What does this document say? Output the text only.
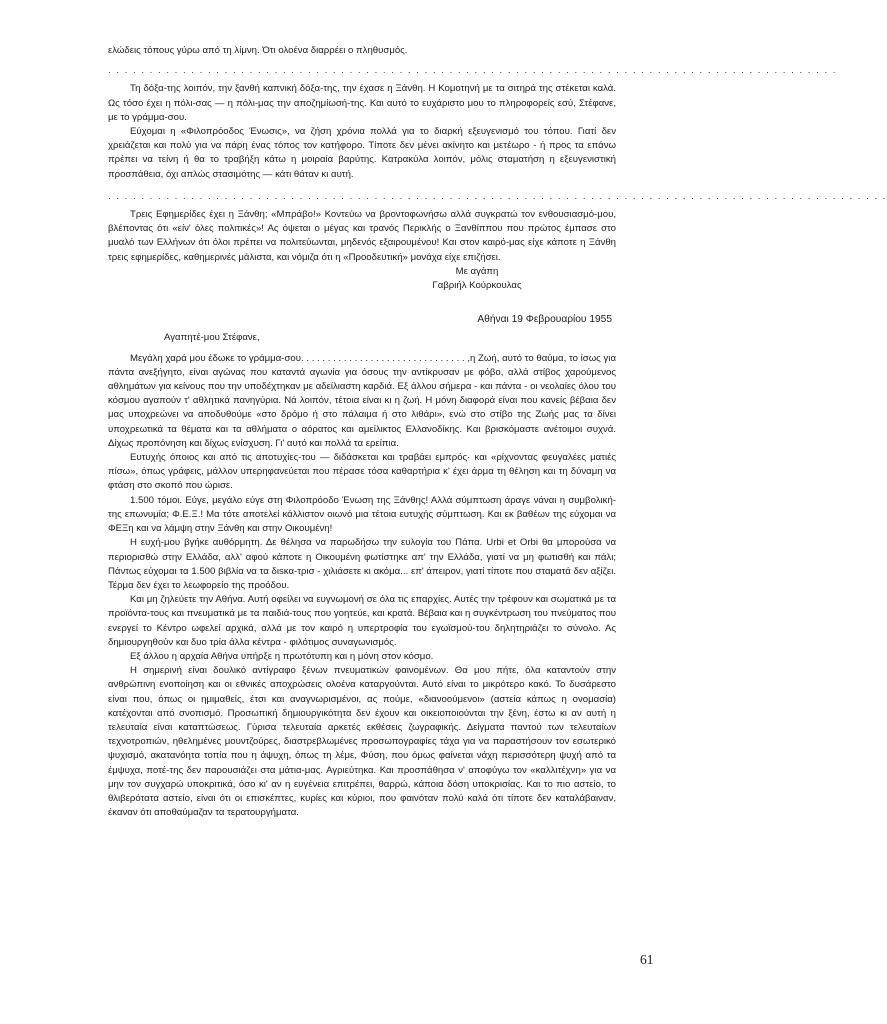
ελώδεις τόπους γύρω από τη λίμνη. Ότι ολοένα διαρρέει ο πληθυσμός.

. . . . . . . . . . . . . . . . . . . . . . . . . . . . . . . . . . . . . . . . . . . . . . . . . . . . . . . . . . . . . . . . . . . . . . . . . . . . . . . . . . . . . . . .

Τη δόξα-της λοιπόν, την ξανθή καπνική δόξα-της, την έχασε η Ξάνθη. Η Κομοτηνή με τα σιτηρά της στέκεται καλά. Ως τόσο έχει η πόλι-σας — η πόλι-μας την αποζημίωσή-της. Και αυτό το ευχάριστο μου το πληροφορείς εσύ, Στέφανε, με το γράμμα-σου.

Εύχομαι η «Φιλοπρόοδος Ένωσις», να ζήση χρόνια πολλά για το διαρκή εξευγενισμό του τόπου. Γιατί δεν χρειάζεται και πολύ για να πάρη ένας τόπος τον κατήφορο. Τίποτε δεν μένει ακίνητο και μετέωρο - ή προς τα επάνω πρέπει να τείνη ή θα το τραβήξη κάτω η μοιραία βαρύτης. Κατρακύλα λοιπόν, μόλις σταματήση η εξευγενιστική προσπάθεια, όχι απλώς στασιμότης — κάτι θάταν κι αυτή.

. . . . . . . . . . . . . . . . . . . . . . . . . . . . . . . . . . . . . . . . . . . . . . . . . . . . . . . . . . . . . . . . . . . . . . . . . . . . . . . . . . . . . . . . . . . . . .

Τρεις Εφημερίδες έχει η Ξάνθη; «Μπράβο!» Κοντεύω να βροντοφωνήσω αλλά συγκρατώ τον ενθουσιασμό-μου, βλέποντας ότι «είν' όλες πολιτικές»! Ας όψεται ο μέγας και τρανός Περικλής ο Ξανθίππου που πρώτος έμπασε στο μυαλό των Ελλήνων ότι όλοι πρέπει να πολιτεύωνται, μηδενός εξαιρουμένου! Και στον καιρό-μας είχε κάποτε η Ξάνθη τρεις εφημερίδες, καθημερινές μάλιστα, και νόμιζα ότι η «Προοδευτική» μονάχα είχε επιζήσει.

Με αγάπη

Γαβριήλ Κούρκουλας

Αθήναι 19 Φεβρουαρίου 1955

Αγαπητέ-μου Στέφανε,

Μεγάλη χαρά μου έδωκε το γράμμα-σου. . . . . . . . . . . . . . . . . . . . . . . . . . . . . . . ,η Ζωή, αυτό το θαύμα, το ίσως για πάντα ανεξήγητο, είναι αγώνας που καταντά αγωνία για όσους την αντίκρυσαν με φόβο, αλλά στίβος χαρούμενος αθλημάτων για κείνους που την υποδέχτηκαν με αδείλιαστη καρδιά. Εξ άλλου σήμερα - και πάντα - οι νεολαίες όλου του κόσμου αγαπούν τ' αθλητικά πανηγύρια. Νά λοιπόν, τέτοια είναι κι η ζωή. Η μόνη διαφορά είναι που κανείς βέβαια δεν μας υποχρεώνει να αποδυθούμε «στο δρόμο ή στο πάλαιμα ή στο λιθάρι», ενώ στο στίβο της Ζωής μας τα δίνει υποχρεωτικά τα θέματα και τα αθλήματα ο αόρατος και αμείλικτος Ελλανοδίκης. Και βρισκόμαστε ανέτοιμοι συχνά. Δίχως προπόνηση και δίχως ενίσχυση. Γι' αυτό και πολλά τα ερείπια.

Ευτυχής όποιος και από τις αποτυχίες-του — διδάσκεται και τραβάει εμπρός· και «ρίχνοντας φευγαλέες ματιές πίσω», όπως γράφεις, μάλλον υπερηφανεύεται που πέρασε τόσα καθαρτήρια κ' έχει άρμα τη θέληση και τη δύναμη να φτάση στο σκοπό που ώρισε.

1.500 τόμοι. Εύγε, μεγάλο εύγε στη Φιλοπρόοδο Ένωση της Ξάνθης! Αλλά σύμπτωση άραγε νάναι η συμβολική-της επωνυμία; Φ.Ε.Ξ.! Μα τότε αποτελεί κάλλιστον οιωνό μια τέτοια ευτυχής σύμπτωση. Και εκ βαθέων της εύχομαι να ΦΕΞη και να λάμψη στην Ξάνθη και στην Οικουμένη!

Η ευχή-μου βγήκε αυθόρμητη. Δε θέλησα να παρωδήσω την ευλογία του Πάπα. Urbi et Orbi θα μπορούσα να περιορισθώ στην Ελλάδα, αλλ' αφού κάποτε η Οικουμένη φωτίστηκε απ' την Ελλάδα, γιατί να μη φωτισθή και πάλι; Πάντως εύχομαι τα 1.500 βιβλία να τα διsκα-τρισ - χιλιάσετε κι ακόμα... επ' άπειρον, γιατί τίποτε που σταματά δεν αξίζει. Τέρμα δεν έχει το λεωφορείο της προόδου.

Και μη ζηλεύετε την Αθήνα. Αυτή οφείλει να ευγνωμονή σε όλα τις επαρχίες. Αυτές την τρέφουν και σωματικά με τα προϊόντα-τους και πνευματικά με τα παιδιά-τους που γοητεύε, και κρατά. Βέβαια και η συγκέντρωση του πνεύματος που ενεργεί το Κέντρο ωφελεί αρχικά, αλλά με τον καιρό η υπερτροφία του εγωϊσμού-του δηλητηριάζει το σύνολο. Ας δημιουργηθούν και δυο τρία άλλα κέντρα - φιλότιμος συναγωνισμός.

Εξ άλλου η αρχαία Αθήνα υπήρξε η πρωτότυπη και η μόνη στον κόσμο.

Η σημερινή είναι δουλικό αντίγραφο ξένων πνευματικών φαινομένων. Θα μου πήτε, όλα καταντούν στην ανθρώπινη ενοποίηση και οι εθνικές αποχρώσεις ολοένα καταργούνται. Αυτό είναι το μικρότερο κακό. Το δυσάρεστο είναι που, όπως οι ημιμαθείς, έτσι και αναγνωρισμένοι, ας πούμε, «διανοούμενοι» (αστεία κάπως η ονομασία) κατέχονται από σνοπισμό. Προσωπική δημιουργικότητα δεν έχουν και οικειοποιούνται την ξένη, έστω κι αν αυτή η τελευταία είναι καταπτώσεως. Γύρισα τελευταία αρκετές εκθέσεις ζωγραφικής. Δείγματα παντού των τελευταίων τεχνοτροπιών, ηθελημένες μουντζούρες, διαστρεβλωμένες προσωπογραφίες τάχα για να παραστήσουν τον εσωτερικό ψυχισμό, ακατανόητα τοπία που η άψυχη, όπως τη λέμε, Φύση, που όμως φαίνεται νάχη περισσότερη ψυχή από τα έμψυχα, ποτέ-της δεν παρουσιάζει στα μάτια-μας. Αγριεύτηκα. Και προσπάθησα ν' αποφύγω τον «καλλιτέχνη» για να μην τον συγχαρώ υποκριτικά, όσο κι' αν η ευγένεια επιτρέπει, θαρρώ, κάποια δόση υποκρισίας. Και το πιο αστείο, το θλιβερότατα αστείο, είναι ότι οι επισκέπτες, κυρίες και κύριοι, που φαινόταν πολύ καλά ότι τίποτε δεν καταλάβαιναν, έκαναν ότι αποθαύμαζαν τα τερατουργήματα.

61
